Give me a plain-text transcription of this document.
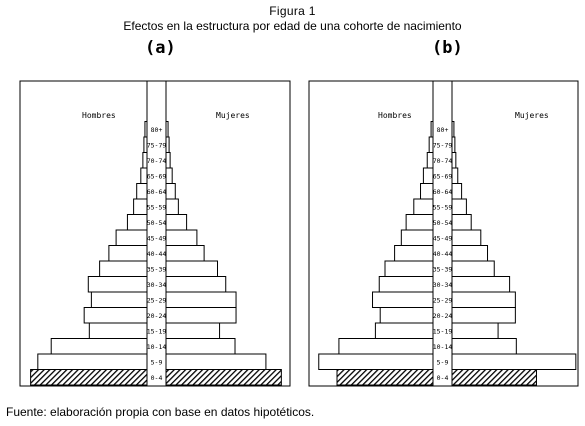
Figura 1
Efectos en la estructura por edad de una cohorte de nacimiento
(a)	(b)
0-4
5-9
10-14
15-19
20-24
25-29
30-34
35-39
40-44
45-49
50-54
55-59
60-64
65-69
70-74
75-79
80+
Hombres	Mujeres
0-4
5-9
10-14
15-19
20-24
25-29
30-34
35-39
40-44
45-49
50-54
55-59
60-64
65-69
70-74
75-79
80+
Hombres	Mujeres
Fuente: elaboración propia con base en datos hipotéticos.
